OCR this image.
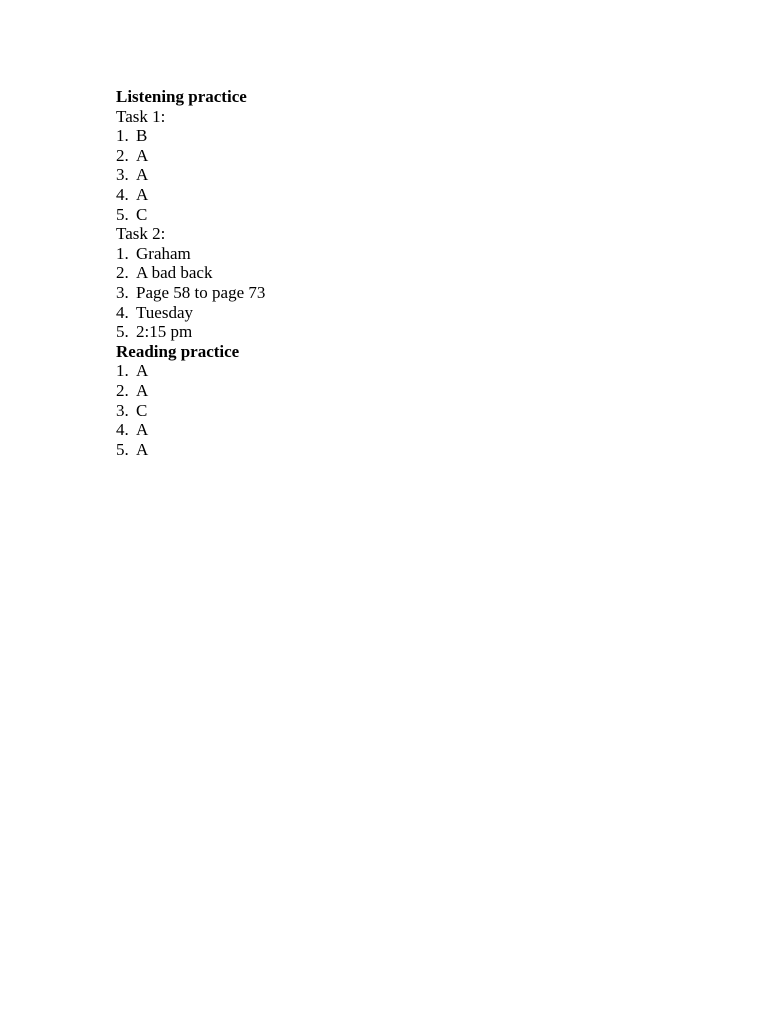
Listening practice
Task 1:
1. B
2. A
3. A
4. A
5. C
Task 2:
1. Graham
2. A bad back
3. Page 58 to page 73
4. Tuesday
5. 2:15 pm
Reading practice
1. A
2. A
3. C
4. A
5. A
